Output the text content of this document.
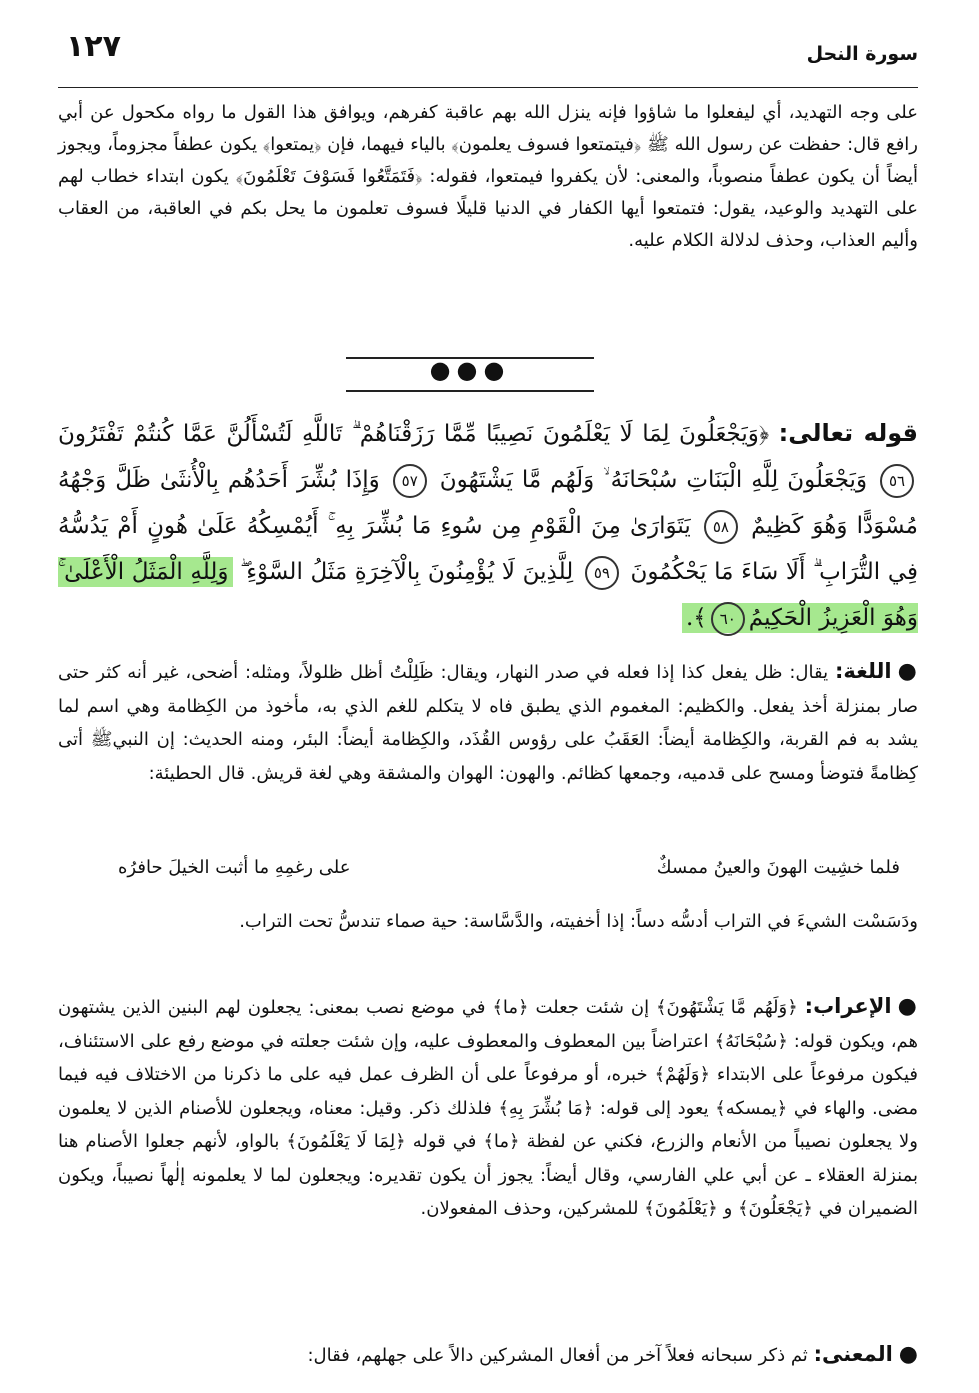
سورة النحل
١٢٧
على وجه التهديد، أي ليفعلوا ما شاؤوا فإنه ينزل الله بهم عاقبة كفرهم، ويوافق هذا القول ما رواه مكحول عن أبي رافع قال: حفظت عن رسول الله ﷺ ﴿فيتمتعوا فسوف يعلمون﴾ بالياء فيهما، فإن ﴿يمتعوا﴾ يكون عطفاً مجزوماً، ويجوز أيضاً أن يكون عطفاً منصوباً، والمعنى: لأن يكفروا فيمتعوا، فقوله: ﴿فَتَمَتَّعُوا فَسَوْفَ تَعْلَمُونَ﴾ يكون ابتداء خطاب لهم على التهديد والوعيد، يقول: فتمتعوا أيها الكفار في الدنيا قليلًا فسوف تعلمون ما يحل بكم في العاقبة، من العقاب وأليم العذاب، وحذف لدلالة الكلام عليه.
●●●
قوله تعالى: ﴿وَيَجْعَلُونَ لِمَا لَا يَعْلَمُونَ نَصِيبًا مِّمَّا رَزَقْنَاهُمْ ۗ تَاللَّهِ لَتُسْأَلُنَّ عَمَّا كُنتُمْ تَفْتَرُونَ ٥٦ وَيَجْعَلُونَ لِلَّهِ الْبَنَاتِ سُبْحَانَهُ ۙ وَلَهُم مَّا يَشْتَهُونَ ٥٧ وَإِذَا بُشِّرَ أَحَدُهُم بِالْأُنثَىٰ ظَلَّ وَجْهُهُ مُسْوَدًّا وَهُوَ كَظِيمٌ ٥٨ يَتَوَارَىٰ مِنَ الْقَوْمِ مِن سُوءِ مَا بُشِّرَ بِهِ ۚ أَيُمْسِكُهُ عَلَىٰ هُونٍ أَمْ يَدُسُّهُ فِي التُّرَابِ ۗ أَلَا سَاءَ مَا يَحْكُمُونَ ٥٩ لِلَّذِينَ لَا يُؤْمِنُونَ بِالْآخِرَةِ مَثَلُ السَّوْءِ ۖ وَلِلَّهِ الْمَثَلُ الْأَعْلَىٰ ۚ وَهُوَ الْعَزِيزُ الْحَكِيمُ٦٠﴾.
●اللغة: يقال: ظل يفعل كذا إذا فعله في صدر النهار، ويقال: ظَلِلْتُ أظل ظلولاً، ومثله: أضحى، غير أنه كثر حتى صار بمنزلة أخذ يفعل. والكظيم: المغموم الذي يطبق فاه لا يتكلم للغم الذي به، مأخوذ من الكِظامة وهي اسم لما يشد به فم القربة، والكِظامة أيضاً: العَقَبُ على رؤوس القُذَد، والكِظامة أيضاً: البئر، ومنه الحديث: إن النبيﷺ أتى كِظامةً فتوضأ ومسح على قدميه، وجمعها كظائم. والهون: الهوان والمشقة وهي لغة قريش. قال الحطيئة:
فلما خشِيت الهونَ والعينُ ممسكٌ
على رغمِهِ ما أثبت الخيلَ حافرُه
ودَسَسْت الشيءَ في التراب أدسُّه دساً: إذا أخفيته، والدَّسَّاسة: حية صماء تندسُّ تحت التراب.
●الإعراب: ﴿وَلَهُم مَّا يَشْتَهُونَ﴾ إن شئت جعلت ﴿ما﴾ في موضع نصب بمعنى: يجعلون لهم البنين الذين يشتهون هم، ويكون قوله: ﴿سُبْحَانَهُ﴾ اعتراضاً بين المعطوف والمعطوف عليه، وإن شئت جعلته في موضع رفع على الاستئناف، فيكون مرفوعاً على الابتداء ﴿وَلَهُمْ﴾ خبره، أو مرفوعاً على أن الظرف عمل فيه على ما ذكرنا من الاختلاف فيه فيما مضى. والهاء في ﴿يمسكه﴾ يعود إلى قوله: ﴿مَا بُشِّرَ بِهِ﴾ فلذلك ذكر. وقيل: معناه، ويجعلون للأصنام الذين لا يعلمون ولا يجعلون نصيباً من الأنعام والزرع، فكني عن لفظة ﴿ما﴾ في قوله ﴿لِمَا لَا يَعْلَمُونَ﴾ بالواو، لأنهم جعلوا الأصنام هنا بمنزلة العقلاء ـ عن أبي علي الفارسي، وقال أيضاً: يجوز أن يكون تقديره: ويجعلون لما لا يعلمونه إلٰهاً نصيباً، ويكون الضميران في ﴿يَجْعَلُونَ﴾ و ﴿يَعْلَمُونَ﴾ للمشركين، وحذف المفعولان.
●المعنى: ثم ذكر سبحانه فعلاً آخر من أفعال المشركين دالاً على جهلهم، فقال:
